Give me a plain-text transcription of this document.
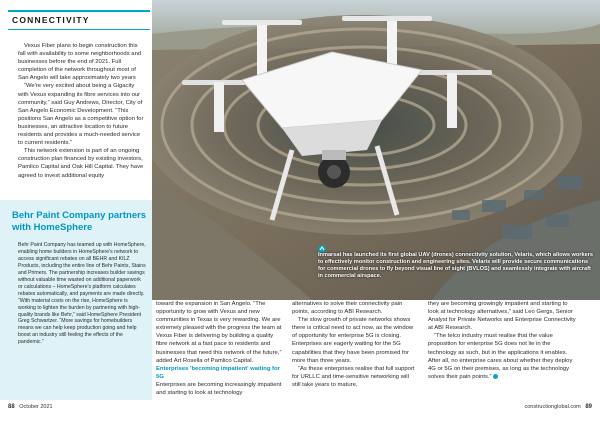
CONNECTIVITY

Vexus Fiber plans to begin construction this fall with availability to some neighborhoods and businesses before the end of 2021. Full completion of the network throughout most of San Angelo will take approximately two years

“We're very excited about being a Gigacity with Vexus expanding its fibre services into our community,” said Guy Andrews, Director, City of San Angelo Economic Development. “This positions San Angelo as a competitive option for businesses, an attractive location to future residents and provides a much-needed service to current residents.”

This network extension is part of an ongoing construction plan financed by existing investors, Pamlico Capital and Oak Hill Capital. They have agreed to invest additional equity

Inmarsat has launched its first global UAV (drones) connectivity solution, Velaris, which allows workers to effectively monitor construction and engineering sites. Velaris will provide secure communications for commercial drones to fly beyond visual line of sight (BVLOS) and seamlessly integrate with aircraft in commercial airspace.
Behr Paint Company partners with HomeSphere
Behr Paint Company has teamed up with HomeSphere, enabling home builders in HomeSphere's network to access significant rebates on all BEHR and KILZ Products, including the entire line of Behr Paints, Stains and Primers. The partnership increases builder savings without valuable time wasted on additional paperwork or calculations – HomeSphere's platform calculates rebates automatically, and payments are made directly. “With material costs on the rise, HomeSphere is working to lighten the burden by partnering with high-quality brands like Behr,” said HomeSphere President Greg Schwartzer. “More savings for homebuilders means we can help keep production going and help boost an industry still feeling the effects of the pandemic.”

toward the expansion in San Angelo. “The opportunity to grow with Vexus and new communities in Texas is very rewarding. We are extremely pleased with the progress the team at Vexus Fiber is delivering by building a quality fibre network at a fast pace to residents and businesses that need this network of the future,” added Art Rosella of Pamlico Capital.

Enterprises 'becoming impatient' waiting for 5G

Enterprises are becoming increasingly impatient and starting to look at technology

alternatives to solve their connectivity pain points, according to ABI Research.

The slow growth of private networks shows there is critical need to act now, as the window of opportunity for enterprise 5G is closing. Enterprises are eagerly waiting for the 5G capabilities that they have been promised for more than three years.

“As these enterprises realise that full support for URLLC and time-sensitive networking will still take years to mature,

they are becoming growingly impatient and starting to look at technology alternatives,” said Leo Gergs, Senior Analyst for Private Networks and Enterprise Connectivity at ABI Research.

“The telco industry must realise that the value proposition for enterprise 5G does not lie in the technology as such, but in the applications it enables. After all, no enterprise cares about whether they deploy 4G or 5G on their premises, as long as the technology solves their pain points.”

88 October 2021	constructionglobal.com 89
